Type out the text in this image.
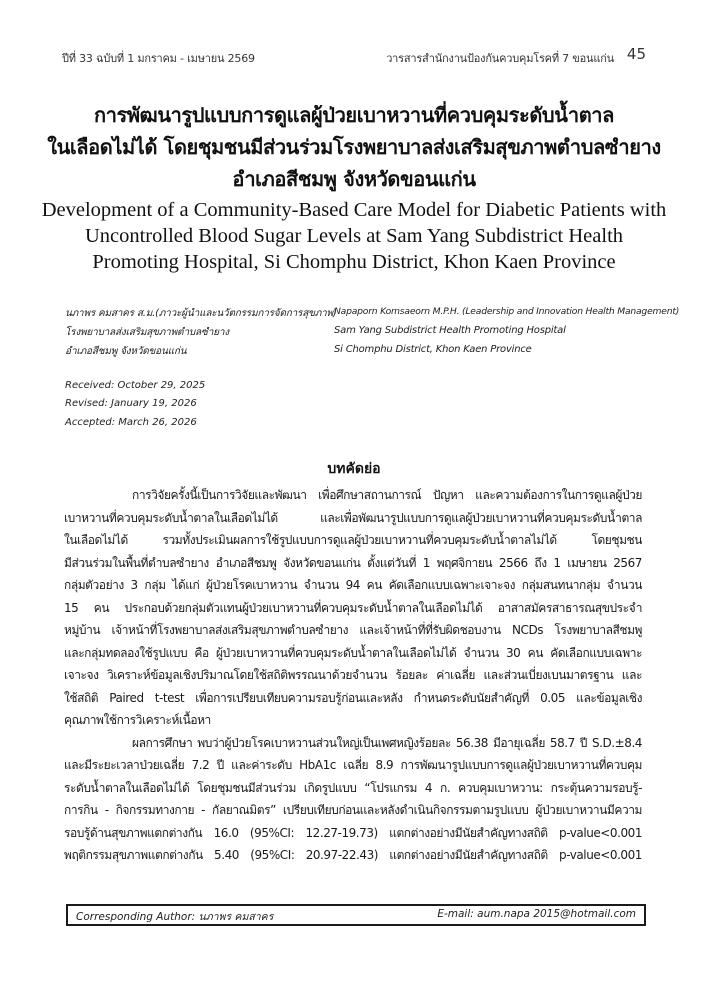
ปีที่ 33 ฉบับที่ 1 มกราคม - เมษายน 2569	วารสารสำนักงานป้องกันควบคุมโรคที่ 7 ขอนแก่น 45
การพัฒนารูปแบบการดูแลผู้ป่วยเบาหวานที่ควบคุมระดับน้ำตาล
ในเลือดไม่ได้ โดยชุมชนมีส่วนร่วมโรงพยาบาลส่งเสริมสุขภาพตำบลซำยาง
อำเภอสีชมพู จังหวัดขอนแก่น
Development of a Community-Based Care Model for Diabetic Patients with
Uncontrolled Blood Sugar Levels at Sam Yang Subdistrict Health
Promoting Hospital, Si Chomphu District, Khon Kaen Province
นภาพร คมสาคร ส.ม.(ภาวะผู้นำและนวัตกรรมการจัดการสุขภาพ)
โรงพยาบาลส่งเสริมสุขภาพตำบลซำยาง
อำเภอสีชมพู จังหวัดขอนแก่น
Napaporn Komsaeorn M.P.H. (Leadership and Innovation Health Management)
Sam Yang Subdistrict Health Promoting Hospital
Si Chomphu District, Khon Kaen Province
Received: October 29, 2025
Revised: January 19, 2026
Accepted: March 26, 2026
บทคัดย่อ
การวิจัยครั้งนี้เป็นการวิจัยและพัฒนา เพื่อศึกษาสถานการณ์ ปัญหา และความต้องการในการดูแลผู้ป่วย
เบาหวานที่ควบคุมระดับน้ำตาลในเลือดไม่ได้ และเพื่อพัฒนารูปแบบการดูแลผู้ป่วยเบาหวานที่ควบคุมระดับน้ำตาล
ในเลือดไม่ได้ รวมทั้งประเมินผลการใช้รูปแบบการดูแลผู้ป่วยเบาหวานที่ควบคุมระดับน้ำตาลไม่ได้ โดยชุมชน
มีส่วนร่วมในพื้นที่ตำบลซำยาง อำเภอสีชมพู จังหวัดขอนแก่น ตั้งแต่วันที่ 1 พฤศจิกายน 2566 ถึง 1 เมษายน 2567
กลุ่มตัวอย่าง 3 กลุ่ม ได้แก่ ผู้ป่วยโรคเบาหวาน จำนวน 94 คน คัดเลือกแบบเฉพาะเจาะจง กลุ่มสนทนากลุ่ม จำนวน
15 คน ประกอบด้วยกลุ่มตัวแทนผู้ป่วยเบาหวานที่ควบคุมระดับน้ำตาลในเลือดไม่ได้ อาสาสมัครสาธารณสุขประจำ
หมู่บ้าน เจ้าหน้าที่โรงพยาบาลส่งเสริมสุขภาพตำบลซำยาง และเจ้าหน้าที่ที่รับผิดชอบงาน NCDs โรงพยาบาลสีชมพู
และกลุ่มทดลองใช้รูปแบบ คือ ผู้ป่วยเบาหวานที่ควบคุมระดับน้ำตาลในเลือดไม่ได้ จำนวน 30 คน คัดเลือกแบบเฉพาะ
เจาะจง วิเคราะห์ข้อมูลเชิงปริมาณโดยใช้สถิติพรรณนาด้วยจำนวน ร้อยละ ค่าเฉลี่ย และส่วนเบี่ยงเบนมาตรฐาน และ
ใช้สถิติ Paired t-test เพื่อการเปรียบเทียบความรอบรู้ก่อนและหลัง กำหนดระดับนัยสำคัญที่ 0.05 และข้อมูลเชิง
คุณภาพใช้การวิเคราะห์เนื้อหา
ผลการศึกษา พบว่าผู้ป่วยโรคเบาหวานส่วนใหญ่เป็นเพศหญิงร้อยละ 56.38 มีอายุเฉลี่ย 58.7 ปี S.D.±8.4
และมีระยะเวลาป่วยเฉลี่ย 7.2 ปี และค่าระดับ HbA1c เฉลี่ย 8.9 การพัฒนารูปแบบการดูแลผู้ป่วยเบาหวานที่ควบคุม
ระดับน้ำตาลในเลือดไม่ได้ โดยชุมชนมีส่วนร่วม เกิดรูปแบบ “โปรแกรม 4 ก. ควบคุมเบาหวาน: กระตุ้นความรอบรู้-
การกิน - กิจกรรมทางกาย - กัลยาณมิตร” เปรียบเทียบก่อนและหลังดำเนินกิจกรรมตามรูปแบบ ผู้ป่วยเบาหวานมีความ
รอบรู้ด้านสุขภาพแตกต่างกัน 16.0 (95%CI: 12.27-19.73) แตกต่างอย่างมีนัยสำคัญทางสถิติ p-value<0.001
พฤติกรรมสุขภาพแตกต่างกัน 5.40 (95%CI: 20.97-22.43) แตกต่างอย่างมีนัยสำคัญทางสถิติ p-value<0.001
Corresponding Author: นภาพร คมสาคร	E-mail: aum.napa 2015@hotmail.com
